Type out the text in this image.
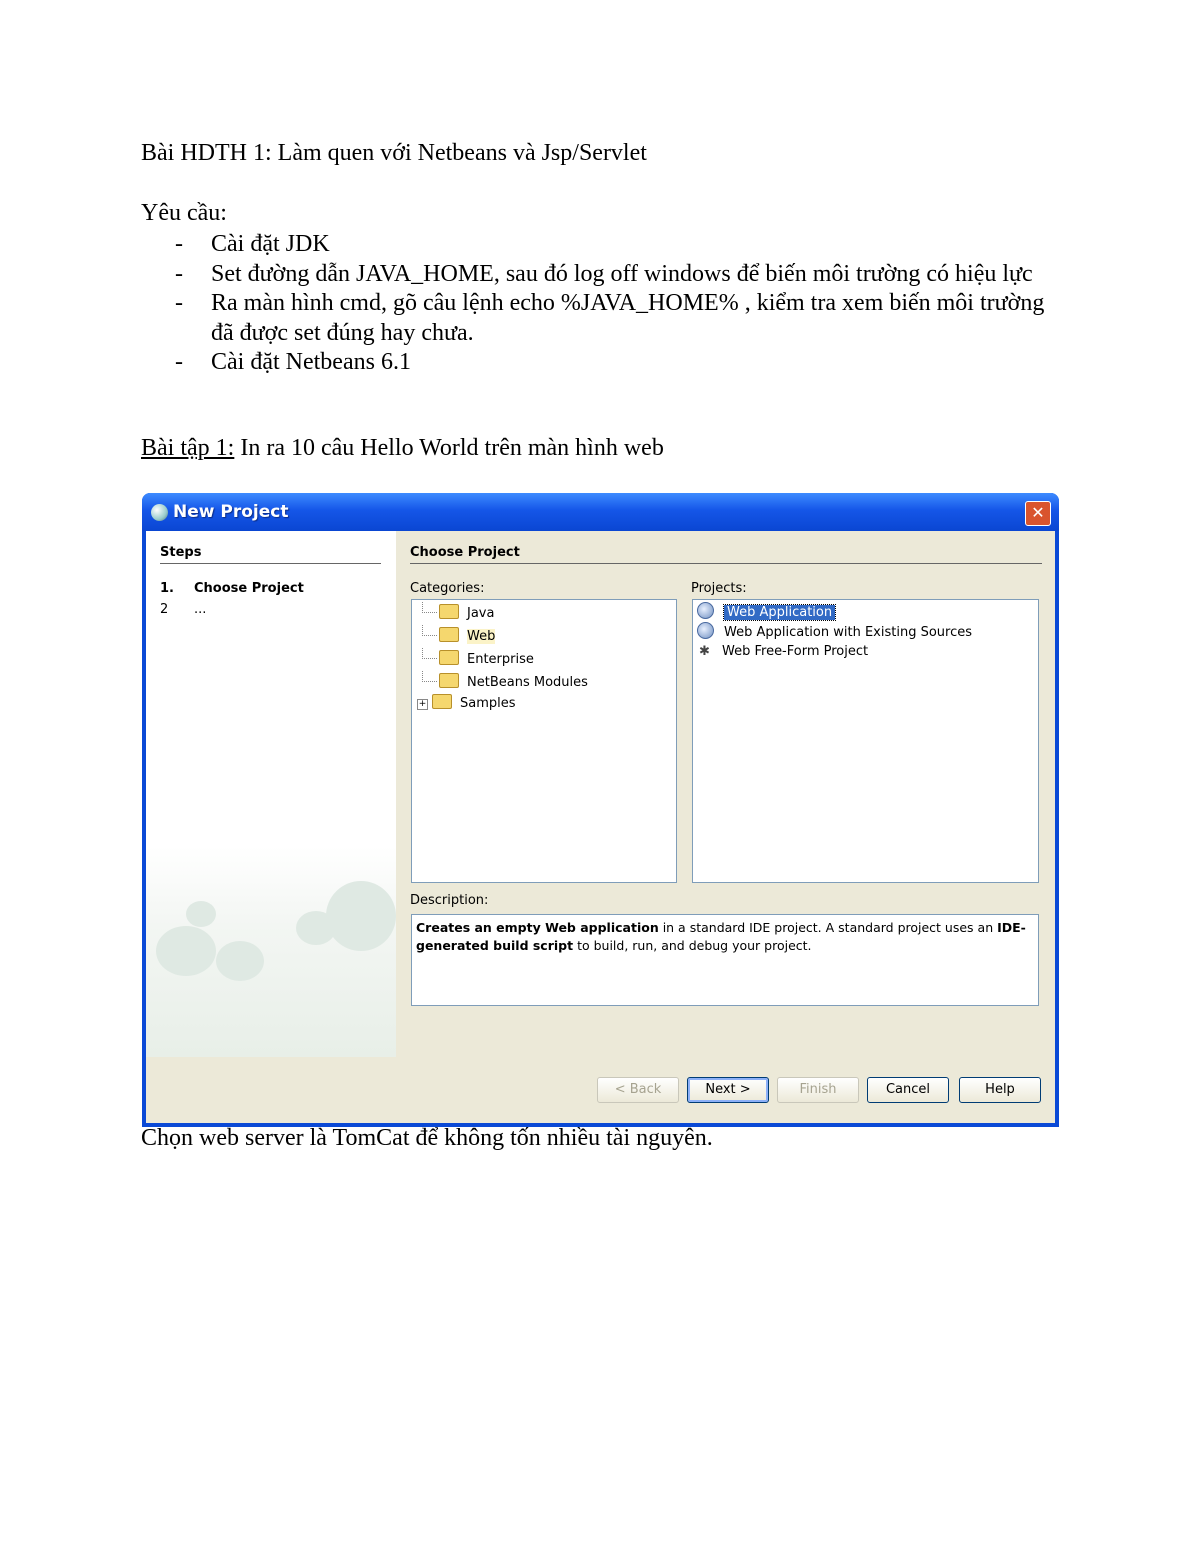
Bài HDTH 1: Làm quen với Netbeans và Jsp/Servlet
Yêu cầu:
- Cài đặt JDK
- Set đường dẫn JAVA_HOME, sau đó log off windows để biến môi trường có hiệu lực
- Ra màn hình cmd, gõ câu lệnh echo %JAVA_HOME% , kiểm tra xem biến môi trường đã được set đúng hay chưa.
- Cài đặt Netbeans 6.1
Bài tập 1: In ra 10 câu Hello World trên màn hình web
New Project	✕
Steps
1. Choose Project
2 ...
Choose Project
Categories:
Java
Web
Enterprise
NetBeans Modules
+	Samples
Projects:
Web Application
Web Application with Existing Sources
✱ Web Free-Form Project
Description:
Creates an empty Web application in a standard IDE project. A standard project uses an IDE-generated build script to build, run, and debug your project.
< Back	Next >	Finish	Cancel	Help
Chọn web server là TomCat để không tốn nhiều tài nguyên.
